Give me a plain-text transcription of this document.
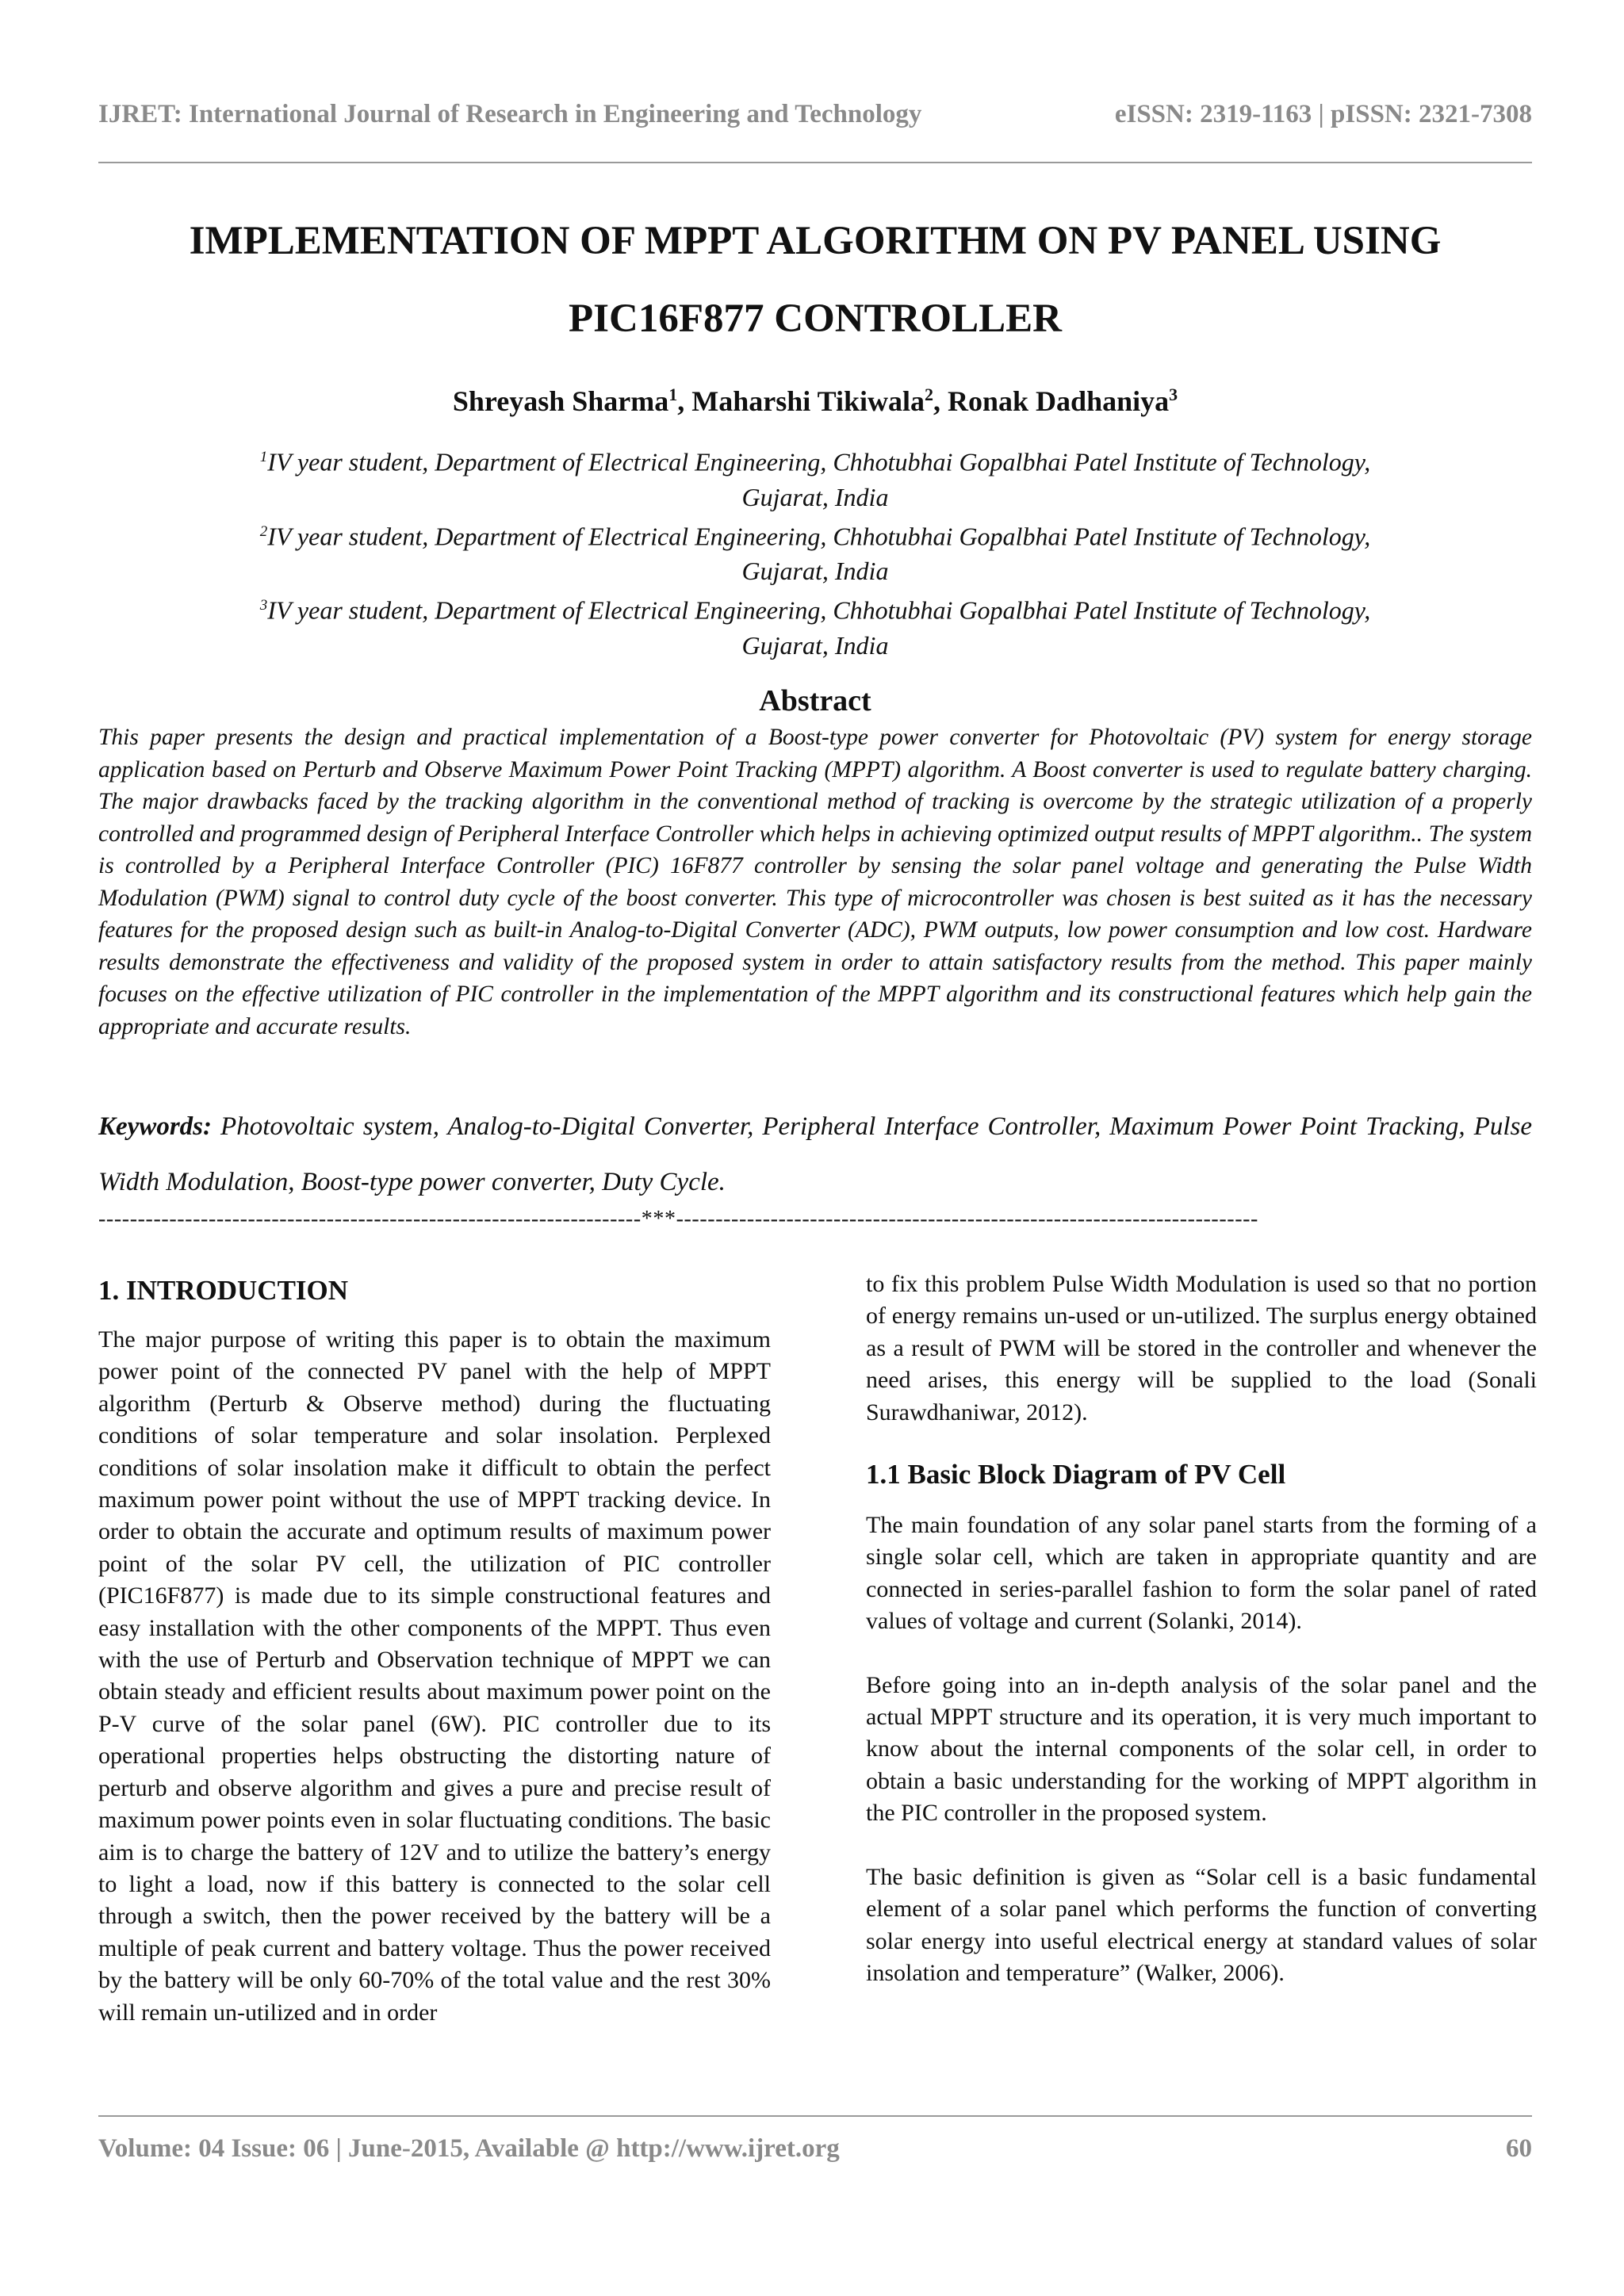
IJRET: International Journal of Research in Engineering and Technology	eISSN: 2319-1163 | pISSN: 2321-7308
IMPLEMENTATION OF MPPT ALGORITHM ON PV PANEL USING
PIC16F877 CONTROLLER
Shreyash Sharma$^1$, Maharshi Tikiwala$^2$, Ronak Dadhaniya$^3$
$^1$IV year student, Department of Electrical Engineering, Chhotubhai Gopalbhai Patel Institute of Technology,
Gujarat, India
$^2$IV year student, Department of Electrical Engineering, Chhotubhai Gopalbhai Patel Institute of Technology,
Gujarat, India
$^3$IV year student, Department of Electrical Engineering, Chhotubhai Gopalbhai Patel Institute of Technology,
Gujarat, India
Abstract
This paper presents the design and practical implementation of a Boost-type power converter for Photovoltaic (PV) system for energy storage application based on Perturb and Observe Maximum Power Point Tracking (MPPT) algorithm. A Boost converter is used to regulate battery charging. The major drawbacks faced by the tracking algorithm in the conventional method of tracking is overcome by the strategic utilization of a properly controlled and programmed design of Peripheral Interface Controller which helps in achieving optimized output results of MPPT algorithm.. The system is controlled by a Peripheral Interface Controller (PIC) 16F877 controller by sensing the solar panel voltage and generating the Pulse Width Modulation (PWM) signal to control duty cycle of the boost converter. This type of microcontroller was chosen is best suited as it has the necessary features for the proposed design such as built-in Analog-to-Digital Converter (ADC), PWM outputs, low power consumption and low cost. Hardware results demonstrate the effectiveness and validity of the proposed system in order to attain satisfactory results from the method. This paper mainly focuses on the effective utilization of PIC controller in the implementation of the MPPT algorithm and its constructional features which help gain the appropriate and accurate results.
Keywords: Photovoltaic system, Analog-to-Digital Converter, Peripheral Interface Controller, Maximum Power Point Tracking, Pulse Width Modulation, Boost-type power converter, Duty Cycle.
---------------------------------------------------------------------***--------------------------------------------------------------------------
1. INTRODUCTION

The major purpose of writing this paper is to obtain the maximum power point of the connected PV panel with the help of MPPT algorithm (Perturb & Observe method) during the fluctuating conditions of solar temperature and solar insolation. Perplexed conditions of solar insolation make it difficult to obtain the perfect maximum power point without the use of MPPT tracking device. In order to obtain the accurate and optimum results of maximum power point of the solar PV cell, the utilization of PIC controller (PIC16F877) is made due to its simple constructional features and easy installation with the other components of the MPPT. Thus even with the use of Perturb and Observation technique of MPPT we can obtain steady and efficient results about maximum power point on the P-V curve of the solar panel (6W). PIC controller due to its operational properties helps obstructing the distorting nature of perturb and observe algorithm and gives a pure and precise result of maximum power points even in solar fluctuating conditions. The basic aim is to charge the battery of 12V and to utilize the battery’s energy to light a load, now if this battery is connected to the solar cell through a switch, then the power received by the battery will be a multiple of peak current and battery voltage. Thus the power received by the battery will be only 60-70% of the total value and the rest 30% will remain un-utilized and in order

to fix this problem Pulse Width Modulation is used so that no portion of energy remains un-used or un-utilized. The surplus energy obtained as a result of PWM will be stored in the controller and whenever the need arises, this energy will be supplied to the load (Sonali Surawdhaniwar, 2012).

1.1 Basic Block Diagram of PV Cell

The main foundation of any solar panel starts from the forming of a single solar cell, which are taken in appropriate quantity and are connected in series-parallel fashion to form the solar panel of rated values of voltage and current (Solanki, 2014).

Before going into an in-depth analysis of the solar panel and the actual MPPT structure and its operation, it is very much important to know about the internal components of the solar cell, in order to obtain a basic understanding for the working of MPPT algorithm in the PIC controller in the proposed system.

The basic definition is given as “Solar cell is a basic fundamental element of a solar panel which performs the function of converting solar energy into useful electrical energy at standard values of solar insolation and temperature” (Walker, 2006).

Volume: 04 Issue: 06 | June-2015, Available @ http://www.ijret.org	60
